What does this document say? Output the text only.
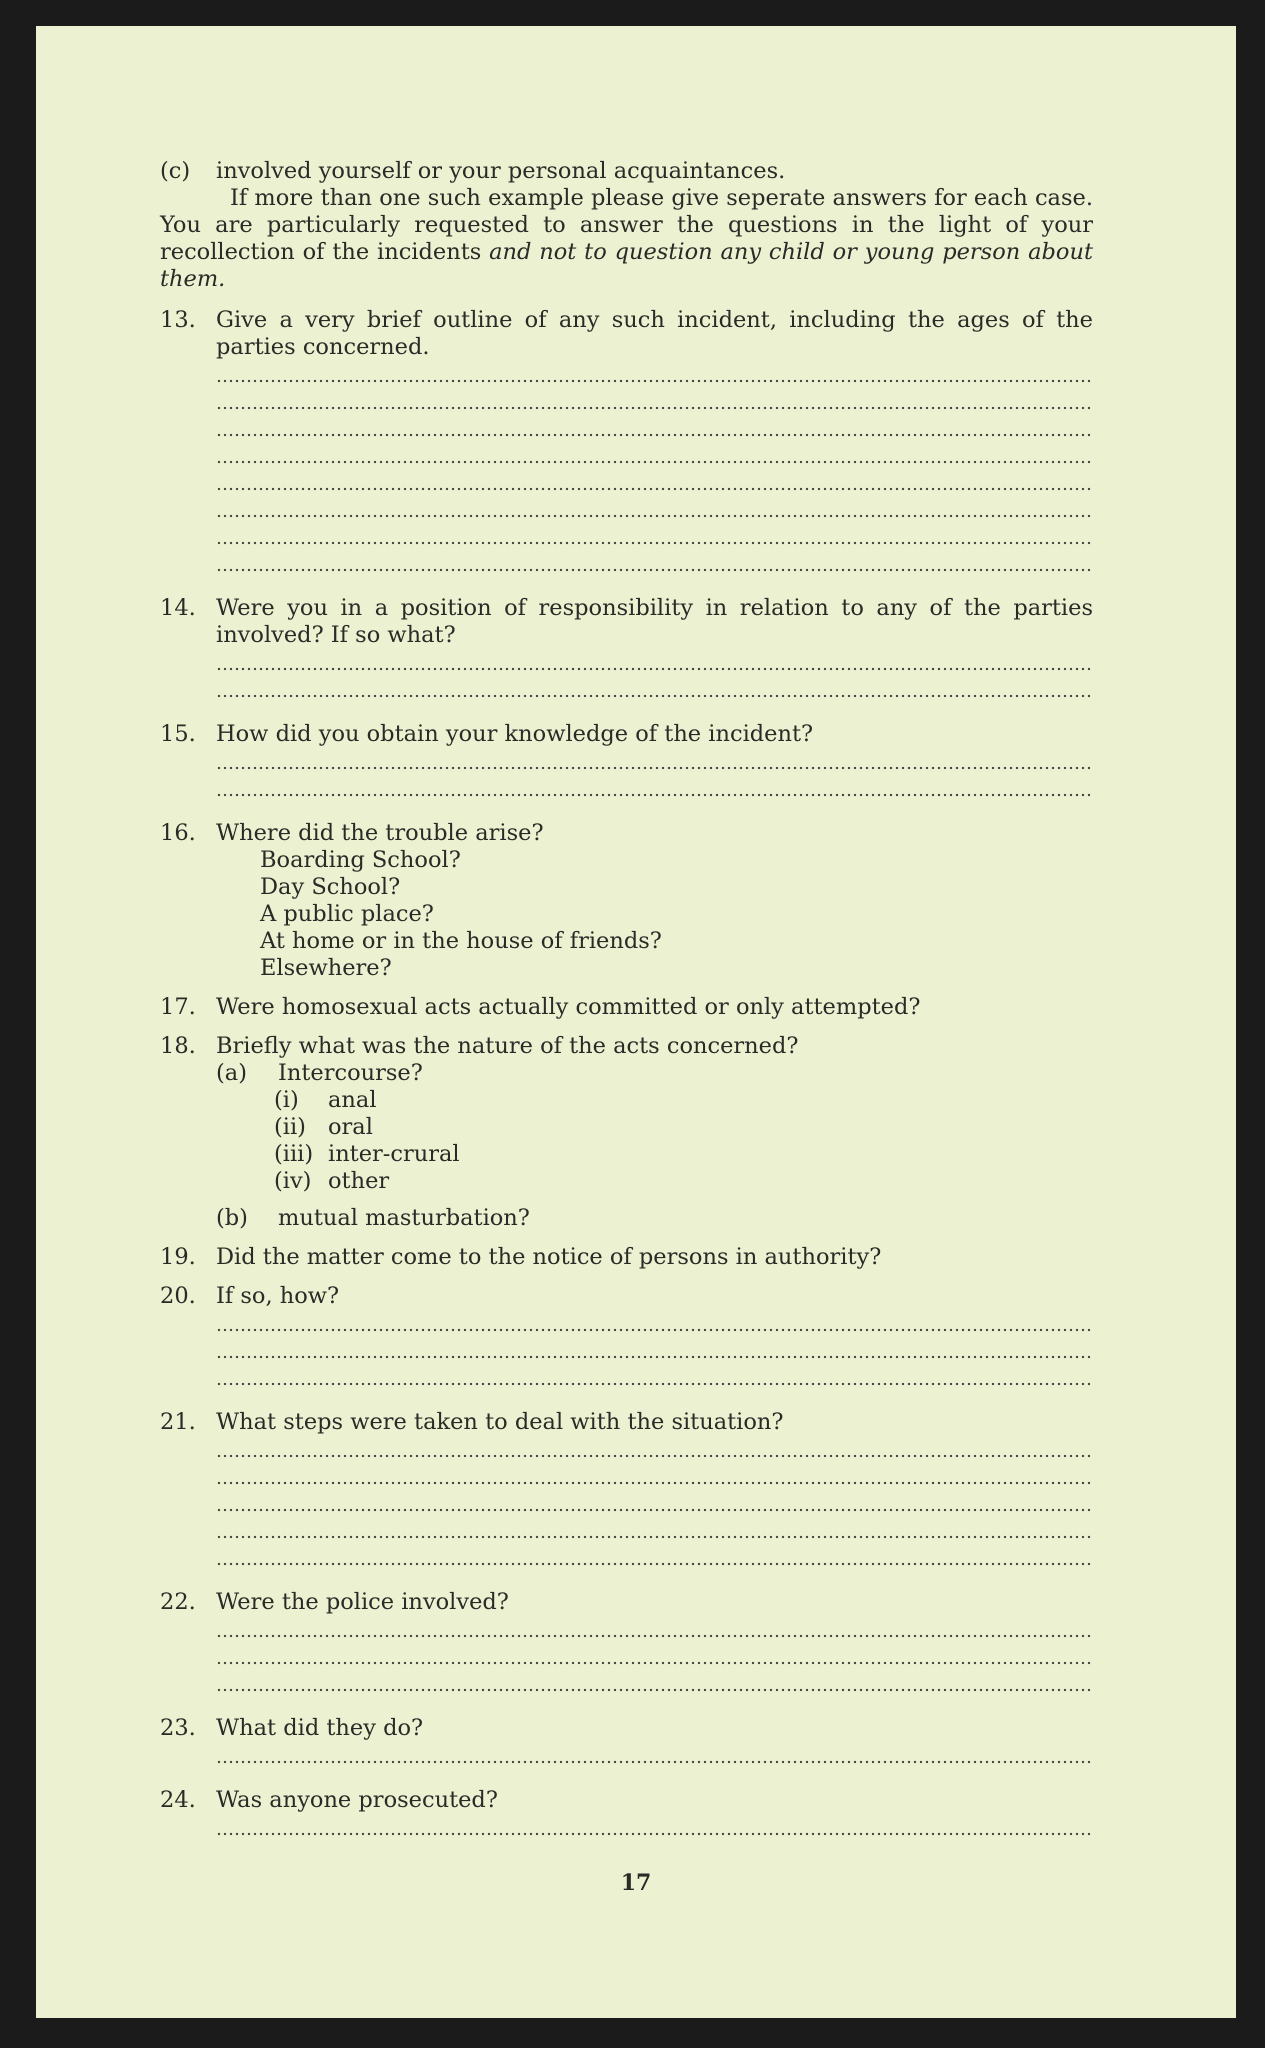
(c)	involved yourself or your personal acquaintances.
If more than one such example please give seperate answers for each case. You are particularly requested to answer the questions in the light of your recollection of the incidents and not to question any child or young person about them.
13. Give a very brief outline of any such incident, including the ages of the parties concerned.
14. Were you in a position of responsibility in relation to any of the parties involved? If so what?
15. How did you obtain your knowledge of the incident?
16. Where did the trouble arise?
Boarding School?
Day School?
A public place?
At home or in the house of friends?
Elsewhere?
17. Were homosexual acts actually committed or only attempted?
18. Briefly what was the nature of the acts concerned?
(a)	Intercourse?
(i)	anal
(ii) oral
(iii) inter-crural
(iv) other
(b)	mutual masturbation?
19. Did the matter come to the notice of persons in authority?
20. If so, how?
21. What steps were taken to deal with the situation?
22. Were the police involved?
23. What did they do?
24. Was anyone prosecuted?
17
